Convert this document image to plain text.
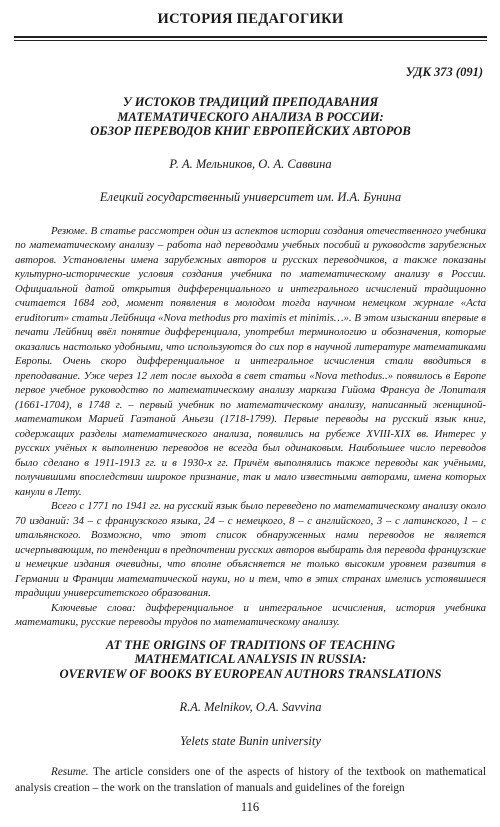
ИСТОРИЯ ПЕДАГОГИКИ
УДК 373 (091)
У ИСТОКОВ ТРАДИЦИЙ ПРЕПОДАВАНИЯ
МАТЕМАТИЧЕСКОГО АНАЛИЗА В РОССИИ:
ОБЗОР ПЕРЕВОДОВ КНИГ ЕВРОПЕЙСКИХ АВТОРОВ
Р. А. Мельников, О. А. Саввина
Елецкий государственный университет им. И.А. Бунина

Резюме. В статье рассмотрен один из аспектов истории создания отечественного учебника по математическому анализу – работа над переводами учебных пособий и руководств зарубежных авторов. Установлены имена зарубежных авторов и русских переводчиков, а также показаны культурно-исторические условия создания учебника по математическому анализу в России. Официальной датой открытия дифференциального и интегрального исчислений традиционно считается 1684 год, момент появления в молодом тогда научном немецком журнале «Acta eruditorum» статьи Лейбница «Nova methodus pro maximis et minimis…». В этом изыскании впервые в печати Лейбниц ввёл понятие дифференциала, употребил терминологию и обозначения, которые оказались настолько удобными, что используются до сих пор в научной литературе математиками Европы. Очень скоро дифференциальное и интегральное исчисления стали вводиться в преподавание. Уже через 12 лет после выхода в свет статьи «Nova methodus..» появилось в Европе первое учебное руководство по математическому анализу маркиза Гийома Франсуа де Лопиталя (1661-1704), в 1748 г. – первый учебник по математическому анализу, написанный женщиной-математиком Марией Гаэтаной Аньези (1718-1799). Первые переводы на русский язык книг, содержащих разделы математического анализа, появились на рубеже XVIII-XIX вв. Интерес у русских учёных к выполнению переводов не всегда был одинаковым. Наибольшее число переводов было сделано в 1911-1913 гг. и в 1930-х гг. Причём выполнялись также переводы как учёными, получившими впоследствии широкое признание, так и мало известными авторами, имена которых канули в Лету.

Всего с 1771 по 1941 гг. на русский язык было переведено по математическому анализу около 70 изданий: 34 – с французского языка, 24 – с немецкого, 8 – с английского, 3 – с латинского, 1 – с итальянского. Возможно, что этот список обнаруженных нами переводов не является исчерпывающим, по тенденции в предпочтении русских авторов выбирать для перевода французские и немецкие издания очевидны, что вполне объясняется не только высоким уровнем развития в Германии и Франции математической науки, но и тем, что в этих странах имелись устоявшиеся традиции университетского образования.

Ключевые слова: дифференциальное и интегральное исчисления, история учебника математики, русские переводы трудов по математическому анализу.

AT THE ORIGINS OF TRADITIONS OF TEACHING
MATHEMATICAL ANALYSIS IN RUSSIA:
OVERVIEW OF BOOKS BY EUROPEAN AUTHORS TRANSLATIONS
R.A. Melnikov, O.A. Savvina
Yelets state Bunin university

Resume. The article considers one of the aspects of history of the textbook on mathematical analysis creation – the work on the translation of manuals and guidelines of the foreign

116
